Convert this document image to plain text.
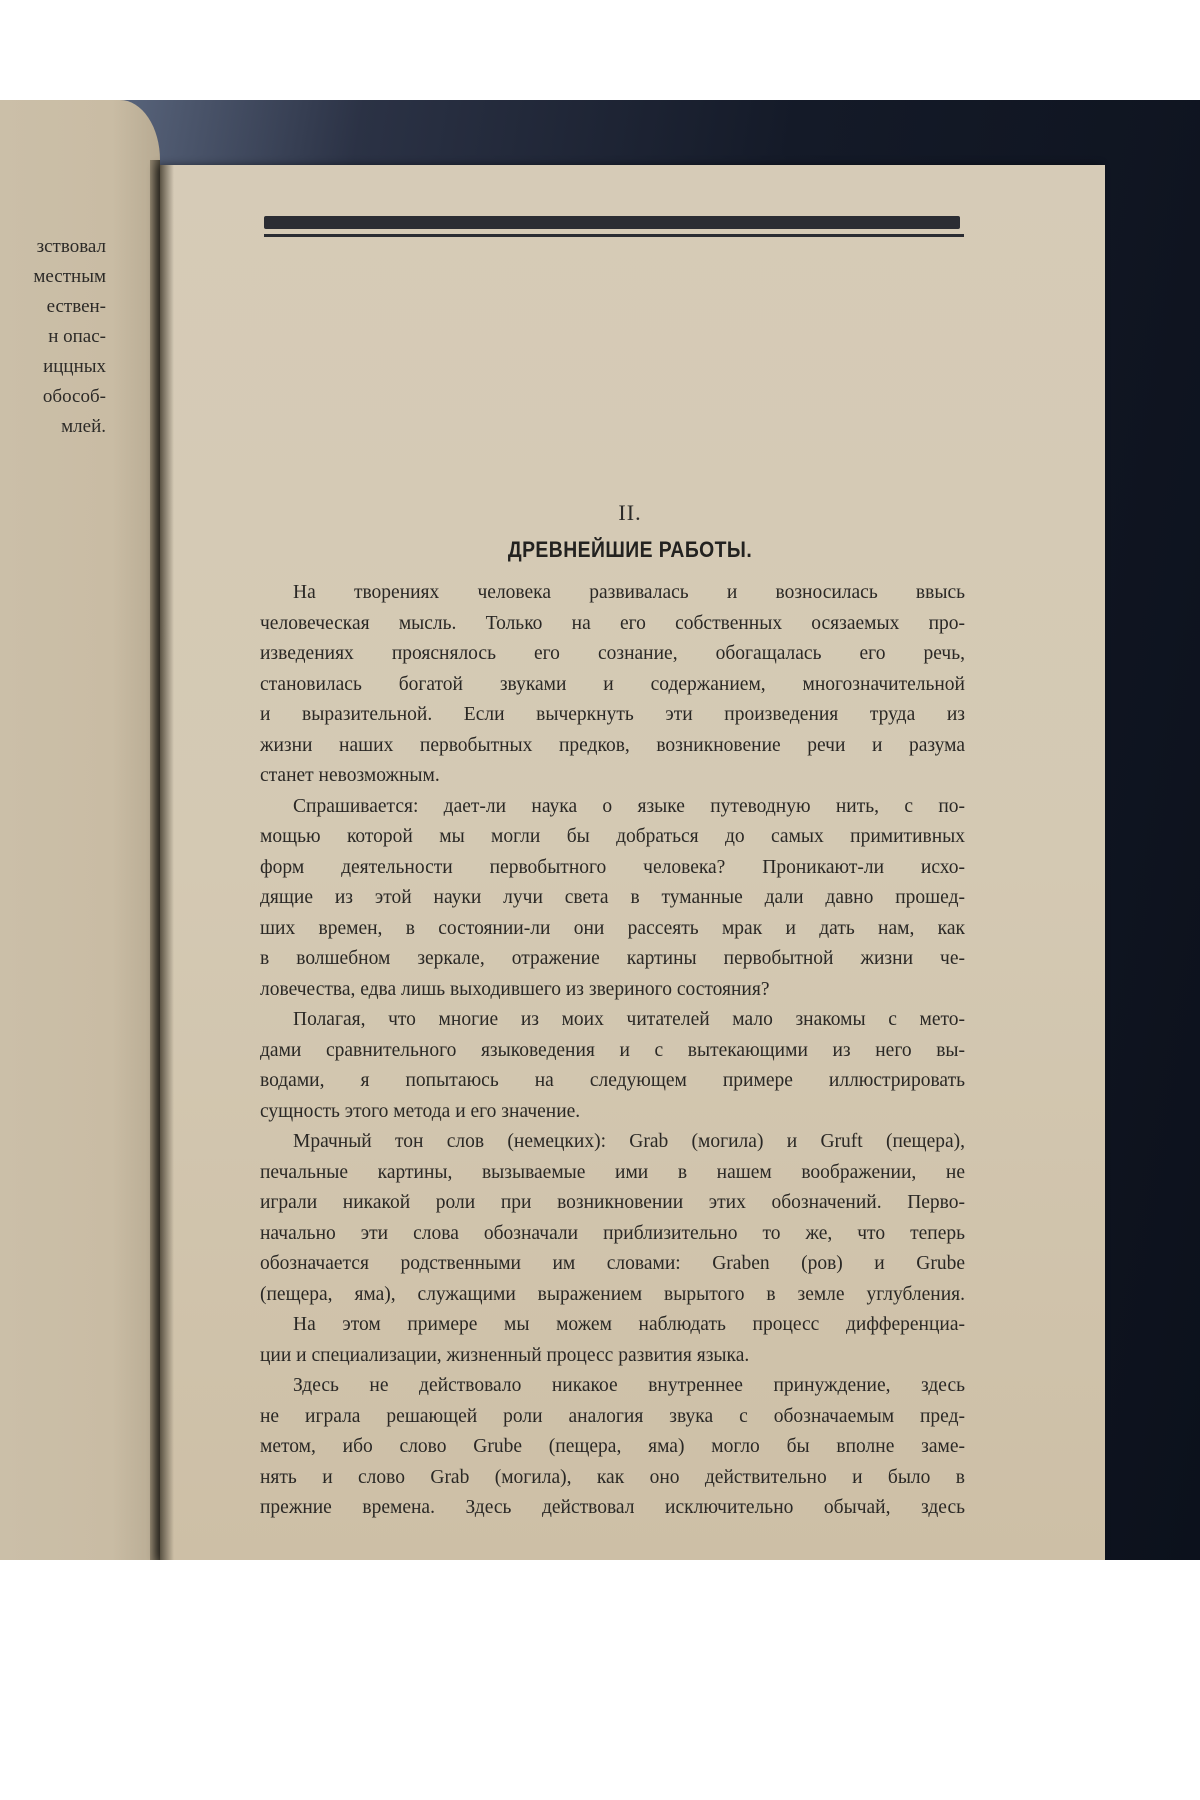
зствовал
местным
ествен-
н опас-
иццных
обособ-
млей.
II.
ДРЕВНЕЙШИЕ РАБОТЫ.
На творениях человека развивалась и возносилась ввысь
человеческая мысль. Только на его собственных осязаемых про-
изведениях прояснялось его сознание, обогащалась его речь,
становилась богатой звуками и содержанием, многозначительной
и выразительной. Если вычеркнуть эти произведения труда из
жизни наших первобытных предков, возникновение речи и разума
станет невозможным.
Спрашивается: дает-ли наука о языке путеводную нить, с по-
мощью которой мы могли бы добраться до самых примитивных
форм деятельности первобытного человека? Проникают-ли исхо-
дящие из этой науки лучи света в туманные дали давно прошед-
ших времен, в состоянии-ли они рассеять мрак и дать нам, как
в волшебном зеркале, отражение картины первобытной жизни че-
ловечества, едва лишь выходившего из звериного состояния?
Полагая, что многие из моих читателей мало знакомы с мето-
дами сравнительного языковедения и с вытекающими из него вы-
водами, я попытаюсь на следующем примере иллюстрировать
сущность этого метода и его значение.
Мрачный тон слов (немецких): Grab (могила) и Gruft (пещера),
печальные картины, вызываемые ими в нашем воображении, не
играли никакой роли при возникновении этих обозначений. Перво-
начально эти слова обозначали приблизительно то же, что теперь
обозначается родственными им словами: Graben (ров) и Grube
(пещера, яма), служащими выражением вырытого в земле углубления.
На этом примере мы можем наблюдать процесс дифференциа-
ции и специализации, жизненный процесс развития языка.
Здесь не действовало никакое внутреннее принуждение, здесь
не играла решающей роли аналогия звука с обозначаемым пред-
метом, ибо слово Grube (пещера, яма) могло бы вполне заме-
нять и слово Grab (могила), как оно действительно и было в
прежние времена. Здесь действовал исключительно обычай, здесь
